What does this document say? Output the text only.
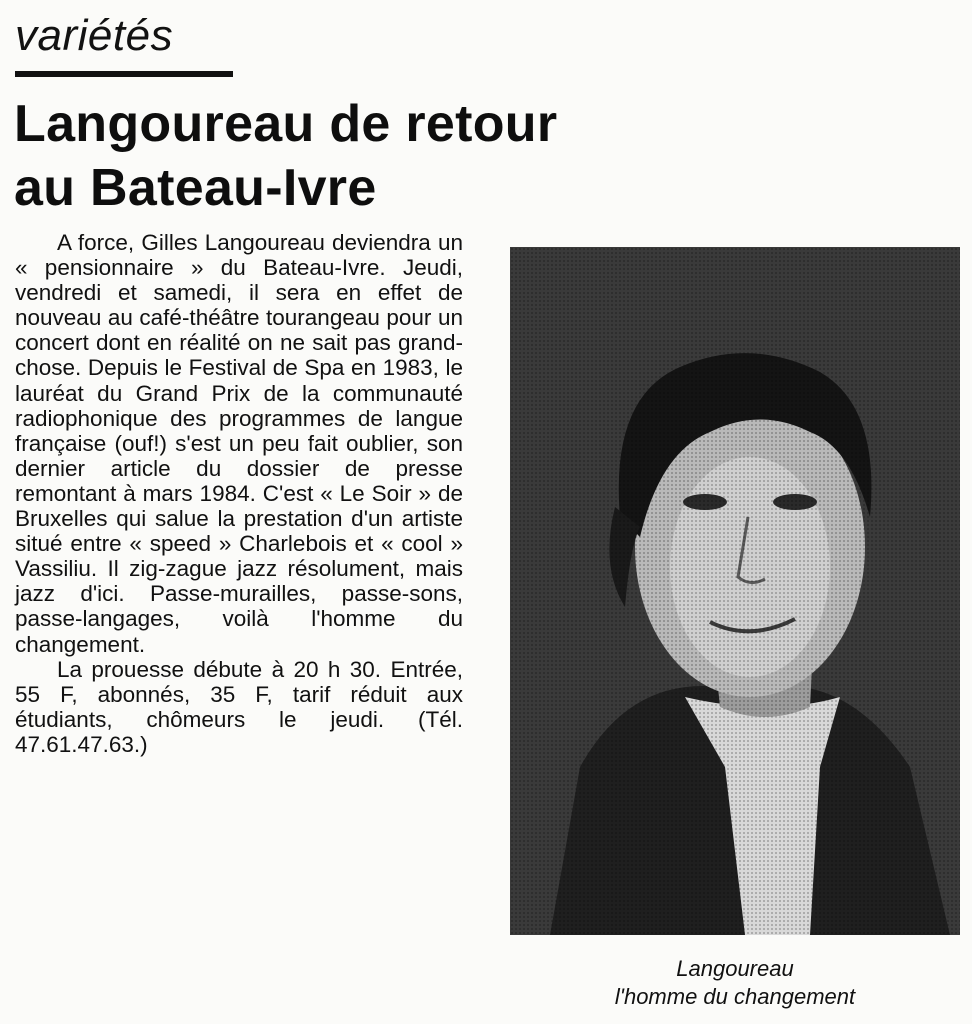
variétés
Langoureau de retour
au Bateau-Ivre

A force, Gilles Langoureau deviendra un « pensionnaire » du Bateau-Ivre. Jeudi, vendredi et samedi, il sera en effet de nouveau au café-théâtre tourangeau pour un concert dont en réalité on ne sait pas grand-chose. Depuis le Festival de Spa en 1983, le lauréat du Grand Prix de la communauté radiophonique des programmes de langue française (ouf!) s'est un peu fait oublier, son dernier article du dossier de presse remontant à mars 1984. C'est « Le Soir » de Bruxelles qui salue la prestation d'un artiste situé entre « speed » Charlebois et « cool » Vassiliu. Il zig-zague jazz résolument, mais jazz d'ici. Passe-murailles, passe-sons, passe-langages, voilà l'homme du changement.

La prouesse débute à 20 h 30. Entrée, 55 F, abonnés, 35 F, tarif réduit aux étudiants, chômeurs le jeudi. (Tél. 47.61.47.63.)

Langoureau
l'homme du changement
